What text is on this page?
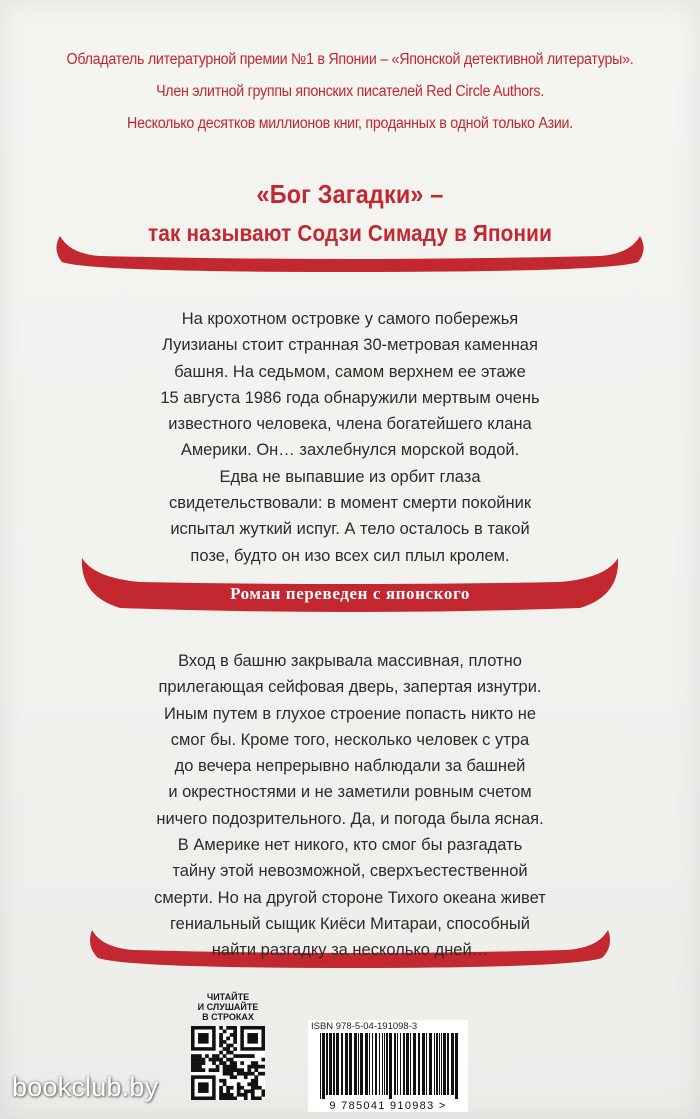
Обладатель литературной премии №1 в Японии – «Японской детективной литературы».
Член элитной группы японских писателей Red Circle Authors.
Несколько десятков миллионов книг, проданных в одной только Азии.
«Бог Загадки» –
так называют Содзи Симаду в Японии
На крохотном островке у самого побережья
Луизианы стоит странная 30-метровая каменная
башня. На седьмом, самом верхнем ее этаже
15 августа 1986 года обнаружили мертвым очень
известного человека, члена богатейшего клана
Америки. Он… захлебнулся морской водой.
Едва не выпавшие из орбит глаза
свидетельствовали: в момент смерти покойник
испытал жуткий испуг. А тело осталось в такой
позе, будто он изо всех сил плыл кролем.
Роман переведен с японского
Вход в башню закрывала массивная, плотно
прилегающая сейфовая дверь, запертая изнутри.
Иным путем в глухое строение попасть никто не
смог бы. Кроме того, несколько человек с утра
до вечера непрерывно наблюдали за башней
и окрестностями и не заметили ровным счетом
ничего подозрительного. Да, и погода была ясная.
В Америке нет никого, кто смог бы разгадать
тайну этой невозможной, сверхъестественной
смерти. Но на другой стороне Тихого океана живет
гениальный сыщик Киёси Митараи, способный
найти разгадку за несколько дней…
ЧИТАЙТЕ
И СЛУШАЙТЕ
В СТРОКАХ
ISBN 978-5-04-191098-3
9 785041 910983 >
bookclub.by
